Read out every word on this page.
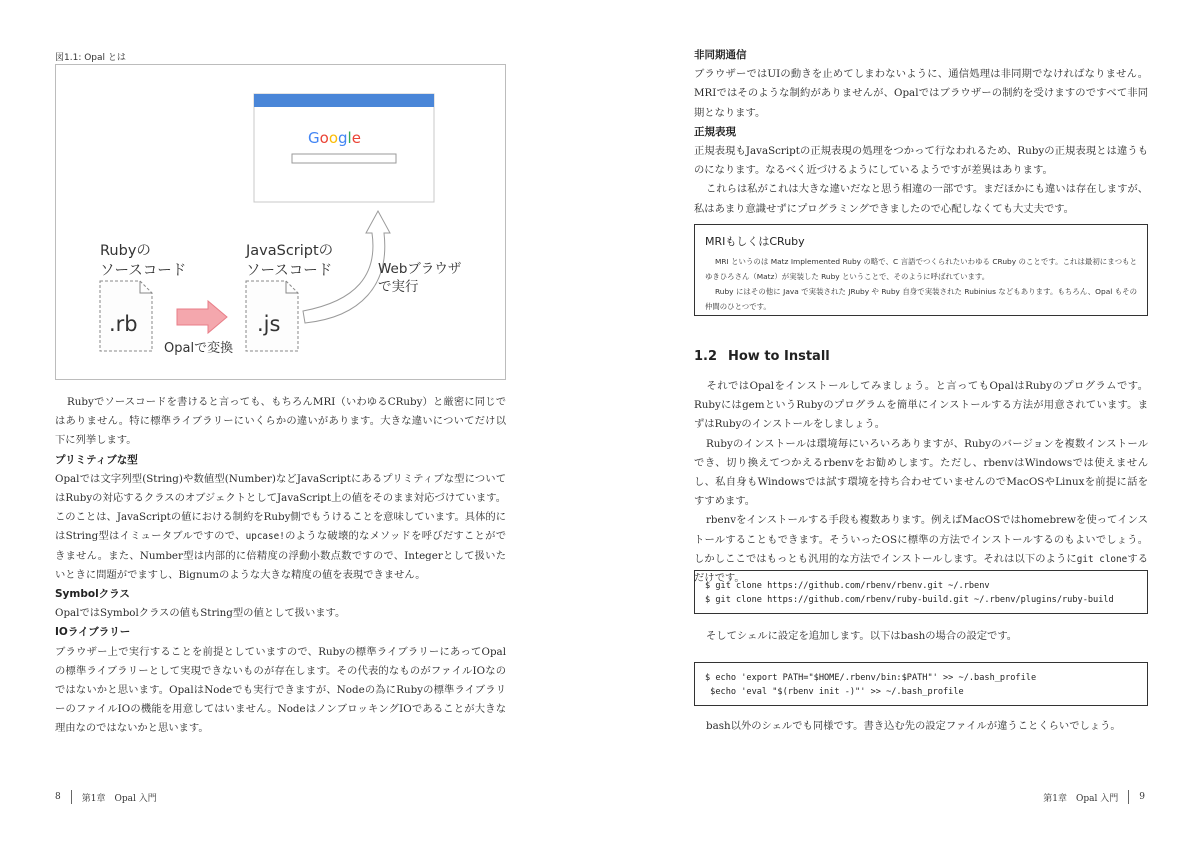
図1.1: Opal とは
Google
Rubyの
ソースコード
JavaScriptの
ソースコード
.rb
Opalで変換
.js
Webブラウザ
で実行

Rubyでソースコードを書けると言っても、もちろんMRI（いわゆるCRuby）と厳密に同じではありません。特に標準ライブラリーにいくらかの違いがあります。大きな違いについてだけ以下に列挙します。

プリミティブな型

Opalでは文字列型(String)や数値型(Number)などJavaScriptにあるプリミティブな型についてはRubyの対応するクラスのオブジェクトとしてJavaScript上の値をそのまま対応づけています。このことは、JavaScriptの値における制約をRuby側でもうけることを意味しています。具体的にはString型はイミュータブルですので、upcase!のような破壊的なメソッドを呼びだすことができません。また、Number型は内部的に倍精度の浮動小数点数ですので、Integerとして扱いたいときに問題がでますし、Bignumのような大きな精度の値を表現できません。

Symbolクラス

OpalではSymbolクラスの値もString型の値として扱います。

IOライブラリー

ブラウザー上で実行することを前提としていますので、Rubyの標準ライブラリーにあってOpalの標準ライブラリーとして実現できないものが存在します。その代表的なものがファイルIOなのではないかと思います。OpalはNodeでも実行できますが、Nodeの為にRubyの標準ライブラリーのファイルIOの機能を用意してはいません。NodeはノンブロッキングIOであることが大きな理由なのではないかと思います。

8 第1章　Opal 入門
非同期通信

ブラウザーではUIの動きを止めてしまわないように、通信処理は非同期でなければなりません。MRIではそのような制約がありませんが、Opalではブラウザーの制約を受けますのですべて非同期となります。

正規表現

正規表現もJavaScriptの正規表現の処理をつかって行なわれるため、Rubyの正規表現とは違うものになります。なるべく近づけるようにしているようですが差異はあります。

これらは私がこれは大きな違いだなと思う相違の一部です。まだほかにも違いは存在しますが、私はあまり意識せずにプログラミングできましたので心配しなくても大丈夫です。

MRIもしくはCRuby

MRI というのは Matz Implemented Ruby の略で、C 言語でつくられたいわゆる CRuby のことです。これは最初にまつもとゆきひろさん（Matz）が実装した Ruby ということで、そのように呼ばれています。

Ruby にはその他に Java で実装された JRuby や Ruby 自身で実装された Rubinius などもあります。もちろん、Opal もその仲間のひとつです。

1.2 How to Install

それではOpalをインストールしてみましょう。と言ってもOpalはRubyのプログラムです。RubyにはgemというRubyのプログラムを簡単にインストールする方法が用意されています。まずはRubyのインストールをしましょう。

Rubyのインストールは環境毎にいろいろありますが、Rubyのバージョンを複数インストールでき、切り換えてつかえるrbenvをお勧めします。ただし、rbenvはWindowsでは使えませんし、私自身もWindowsでは試す環境を持ち合わせていませんのでMacOSやLinuxを前提に話をすすめます。

rbenvをインストールする手段も複数あります。例えばMacOSではhomebrewを使ってインストールすることもできます。そういったOSに標準の方法でインストールするのもよいでしょう。しかしここではもっとも汎用的な方法でインストールします。それは以下のようにgit cloneするだけです。

$ git clone https://github.com/rbenv/rbenv.git ~/.rbenv
$ git clone https://github.com/rbenv/ruby-build.git ~/.rbenv/plugins/ruby-build

そしてシェルに設定を追加します。以下はbashの場合の設定です。

$ echo 'export PATH="$HOME/.rbenv/bin:$PATH"' >> ~/.bash_profile
$echo 'eval "$(rbenv init -)"' >> ~/.bash_profile

bash以外のシェルでも同様です。書き込む先の設定ファイルが違うことくらいでしょう。

第1章　Opal 入門 9
